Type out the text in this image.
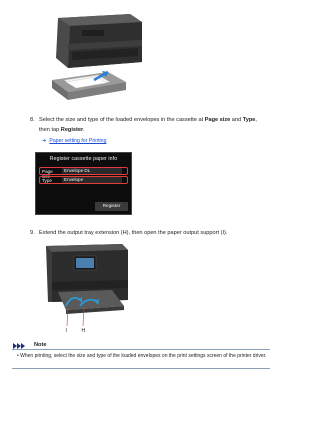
8. Select the size and type of the loaded envelopes in the cassette at Page size and Type,
then tap Register.
➜ Paper setting for Printing
Register cassette paper info
Page size
Envelope DL
Type	Envelope
Register
9. Extend the output tray extension (H), then open the paper output support (I).
I	H
Note
• When printing, select the size and type of the loaded envelopes on the print settings screen of the printer driver.
